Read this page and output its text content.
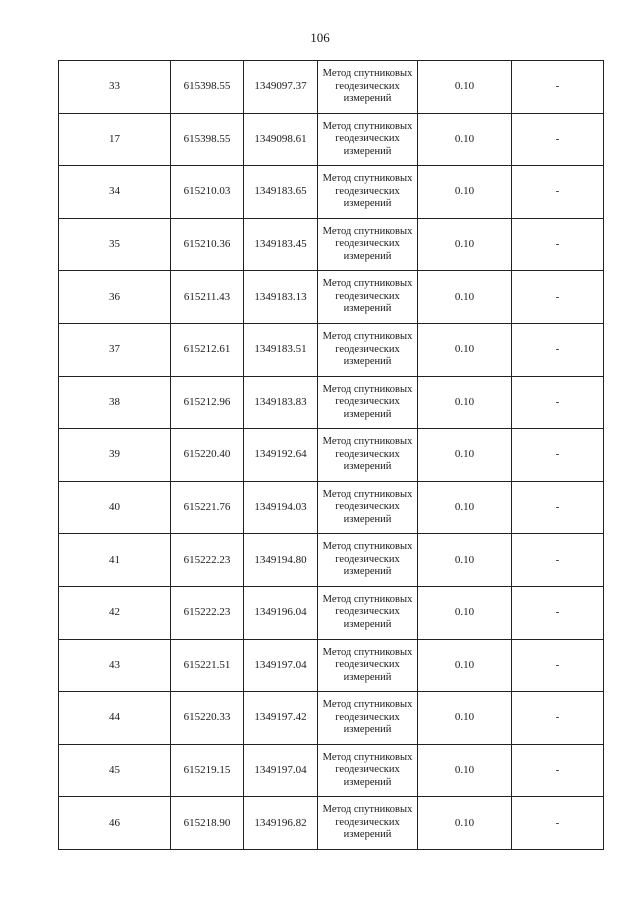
106
33	615398.55	1349097.37	Метод спутниковых геодезических измерений	0.10	-
17	615398.55	1349098.61	Метод спутниковых геодезических измерений	0.10	-
34	615210.03	1349183.65	Метод спутниковых геодезических измерений	0.10	-
35	615210.36	1349183.45	Метод спутниковых геодезических измерений	0.10	-
36	615211.43	1349183.13	Метод спутниковых геодезических измерений	0.10	-
37	615212.61	1349183.51	Метод спутниковых геодезических измерений	0.10	-
38	615212.96	1349183.83	Метод спутниковых геодезических измерений	0.10	-
39	615220.40	1349192.64	Метод спутниковых геодезических измерений	0.10	-
40	615221.76	1349194.03	Метод спутниковых геодезических измерений	0.10	-
41	615222.23	1349194.80	Метод спутниковых геодезических измерений	0.10	-
42	615222.23	1349196.04	Метод спутниковых геодезических измерений	0.10	-
43	615221.51	1349197.04	Метод спутниковых геодезических измерений	0.10	-
44	615220.33	1349197.42	Метод спутниковых геодезических измерений	0.10	-
45	615219.15	1349197.04	Метод спутниковых геодезических измерений	0.10	-
46	615218.90	1349196.82	Метод спутниковых геодезических измерений	0.10	-
